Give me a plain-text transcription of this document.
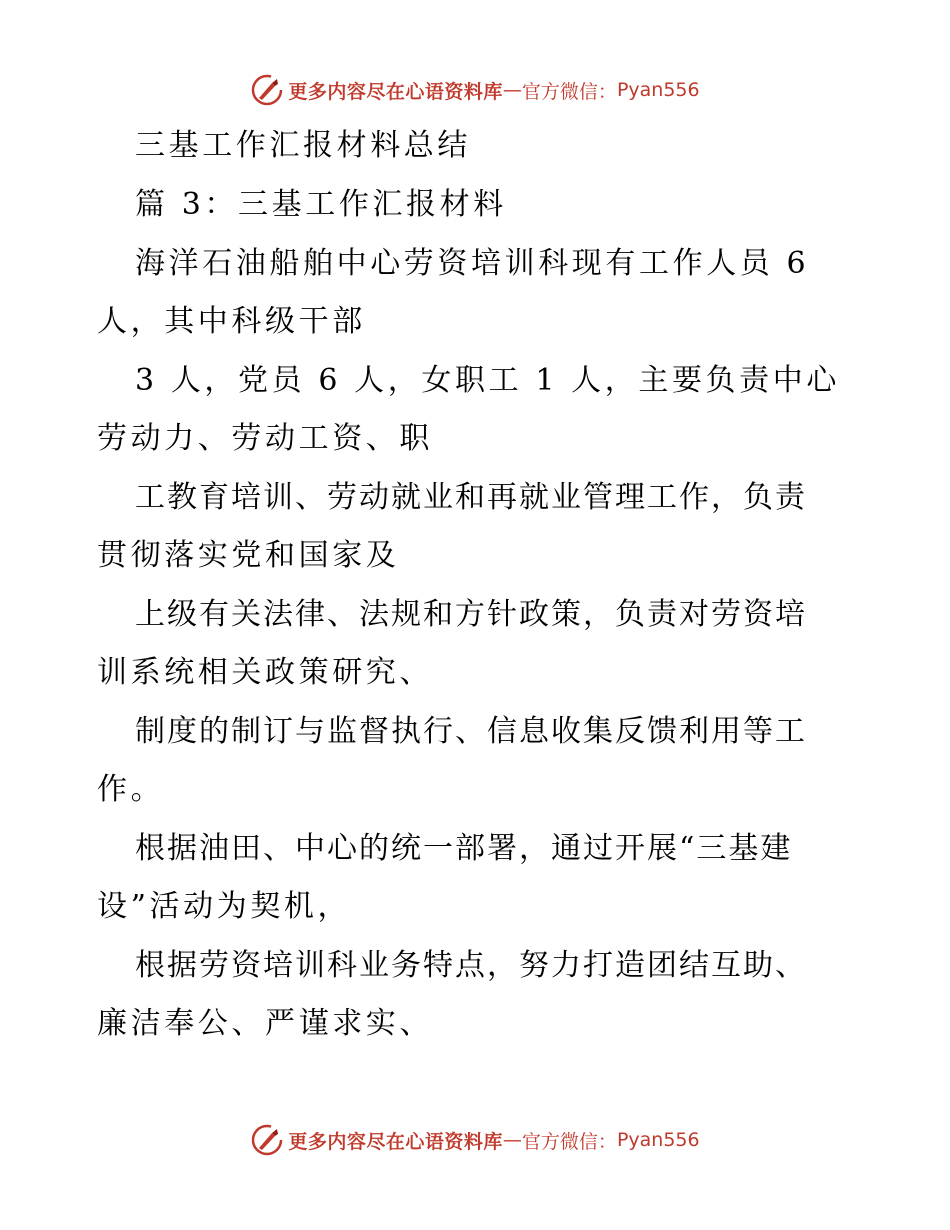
更多内容尽在心语资料库 — 官方微信： Pyan556
三基工作汇报材料总结
篇 3：三基工作汇报材料
海洋石油船舶中心劳资培训科现有工作人员 6
人，其中科级干部
3 人，党员 6 人，女职工 1 人，主要负责中心
劳动力、劳动工资、职
工教育培训、劳动就业和再就业管理工作，负责
贯彻落实党和国家及
上级有关法律、法规和方针政策，负责对劳资培
训系统相关政策研究、
制度的制订与监督执行、信息收集反馈利用等工
作。
根据油田、中心的统一部署，通过开展“三基建
设”活动为契机，
根据劳资培训科业务特点，努力打造团结互助、
廉洁奉公、严谨求实、
更多内容尽在心语资料库 — 官方微信： Pyan556
